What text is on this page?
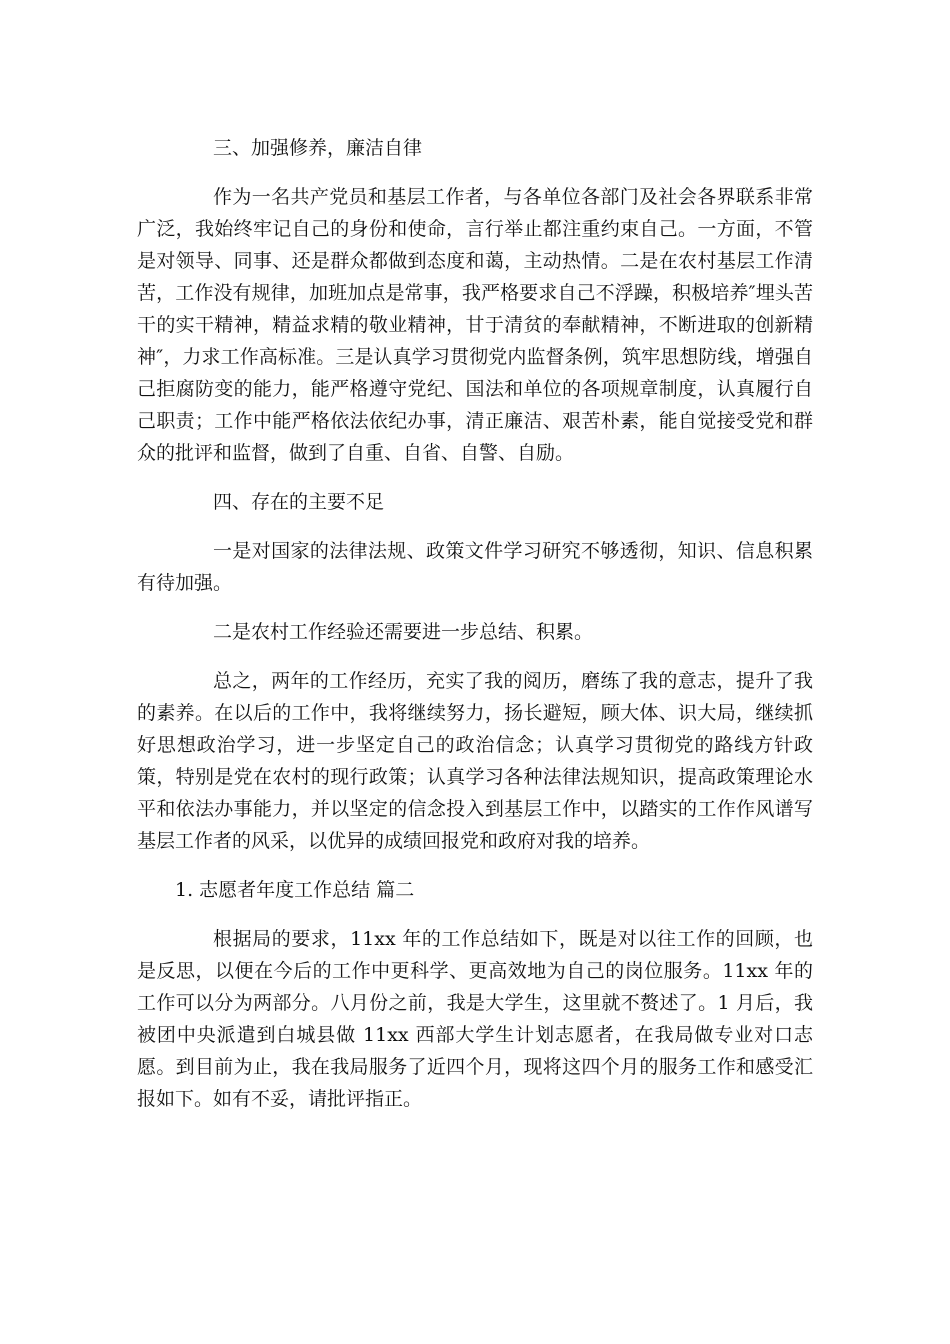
三、加强修养，廉洁自律

作为一名共产党员和基层工作者，与各单位各部门及社会各界联系非常广泛，我始终牢记自己的身份和使命，言行举止都注重约束自己。一方面，不管是对领导、同事、还是群众都做到态度和蔼，主动热情。二是在农村基层工作清苦，工作没有规律，加班加点是常事，我严格要求自己不浮躁，积极培养″埋头苦干的实干精神，精益求精的敬业精神，甘于清贫的奉献精神，不断进取的创新精神″，力求工作高标准。三是认真学习贯彻党内监督条例，筑牢思想防线，增强自己拒腐防变的能力，能严格遵守党纪、国法和单位的各项规章制度，认真履行自己职责；工作中能严格依法依纪办事，清正廉洁、艰苦朴素，能自觉接受党和群众的批评和监督，做到了自重、自省、自警、自励。

四、存在的主要不足

一是对国家的法律法规、政策文件学习研究不够透彻，知识、信息积累有待加强。

二是农村工作经验还需要进一步总结、积累。

总之，两年的工作经历，充实了我的阅历，磨练了我的意志，提升了我的素养。在以后的工作中，我将继续努力，扬长避短，顾大体、识大局，继续抓好思想政治学习，进一步坚定自己的政治信念；认真学习贯彻党的路线方针政策，特别是党在农村的现行政策；认真学习各种法律法规知识，提高政策理论水平和依法办事能力，并以坚定的信念投入到基层工作中，以踏实的工作作风谱写基层工作者的风采，以优异的成绩回报党和政府对我的培养。

1. 志愿者年度工作总结 篇二

根据局的要求，11xx 年的工作总结如下，既是对以往工作的回顾，也是反思，以便在今后的工作中更科学、更高效地为自己的岗位服务。11xx 年的工作可以分为两部分。八月份之前，我是大学生，这里就不赘述了。1 月后，我被团中央派遣到白城县做 11xx 西部大学生计划志愿者，在我局做专业对口志愿。到目前为止，我在我局服务了近四个月，现将这四个月的服务工作和感受汇报如下。如有不妥，请批评指正。
